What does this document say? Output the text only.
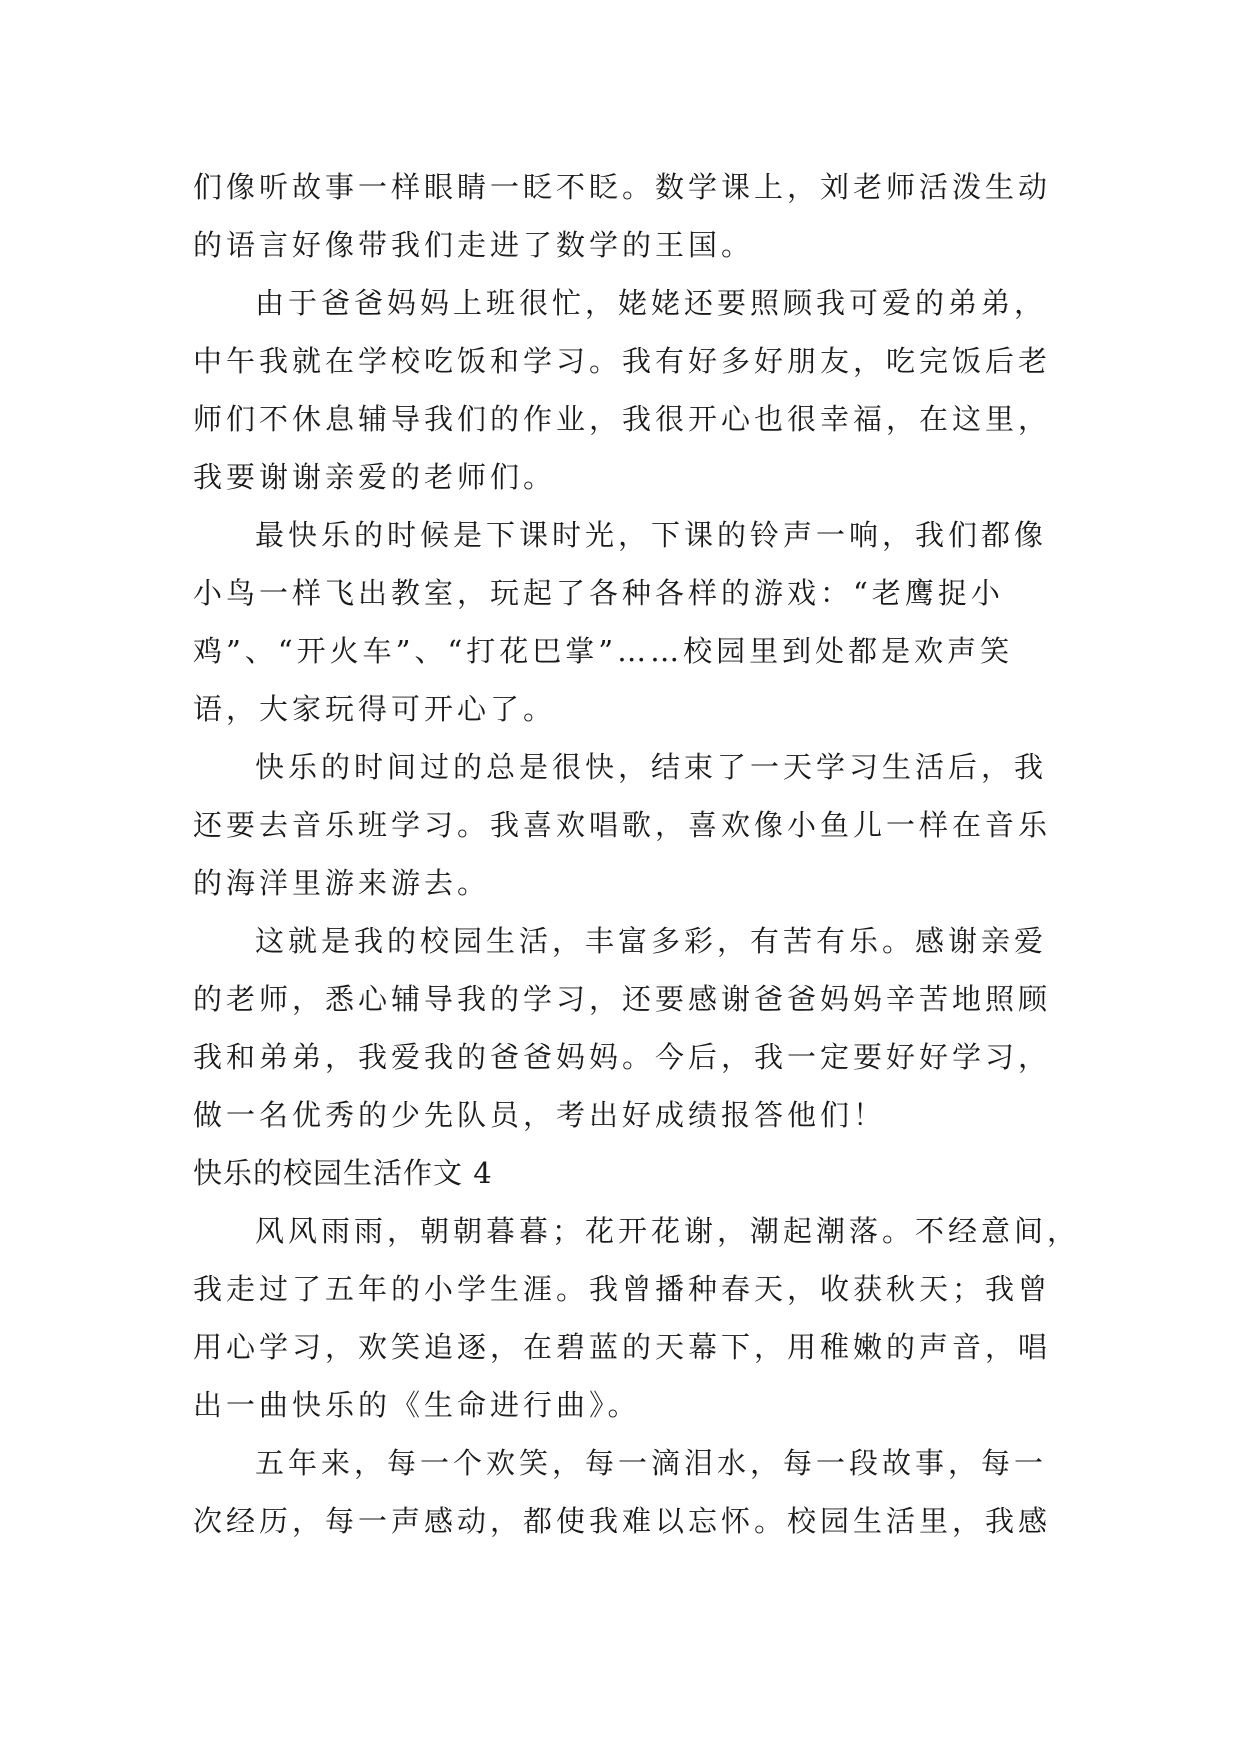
们像听故事一样眼睛一眨不眨。数学课上，刘老师活泼生动
的语言好像带我们走进了数学的王国。
由于爸爸妈妈上班很忙，姥姥还要照顾我可爱的弟弟，
中午我就在学校吃饭和学习。我有好多好朋友，吃完饭后老
师们不休息辅导我们的作业，我很开心也很幸福，在这里，
我要谢谢亲爱的老师们。
最快乐的时候是下课时光，下课的铃声一响，我们都像
小鸟一样飞出教室，玩起了各种各样的游戏：“老鹰捉小
鸡”、“开火车”、“打花巴掌”……校园里到处都是欢声笑
语，大家玩得可开心了。
快乐的时间过的总是很快，结束了一天学习生活后，我
还要去音乐班学习。我喜欢唱歌，喜欢像小鱼儿一样在音乐
的海洋里游来游去。
这就是我的校园生活，丰富多彩，有苦有乐。感谢亲爱
的老师，悉心辅导我的学习，还要感谢爸爸妈妈辛苦地照顾
我和弟弟，我爱我的爸爸妈妈。今后，我一定要好好学习，
做一名优秀的少先队员，考出好成绩报答他们！
快乐的校园生活作文 4
风风雨雨，朝朝暮暮；花开花谢，潮起潮落。不经意间，
我走过了五年的小学生涯。我曾播种春天，收获秋天；我曾
用心学习，欢笑追逐，在碧蓝的天幕下，用稚嫩的声音，唱
出一曲快乐的《生命进行曲》。
五年来，每一个欢笑，每一滴泪水，每一段故事，每一
次经历，每一声感动，都使我难以忘怀。校园生活里，我感
